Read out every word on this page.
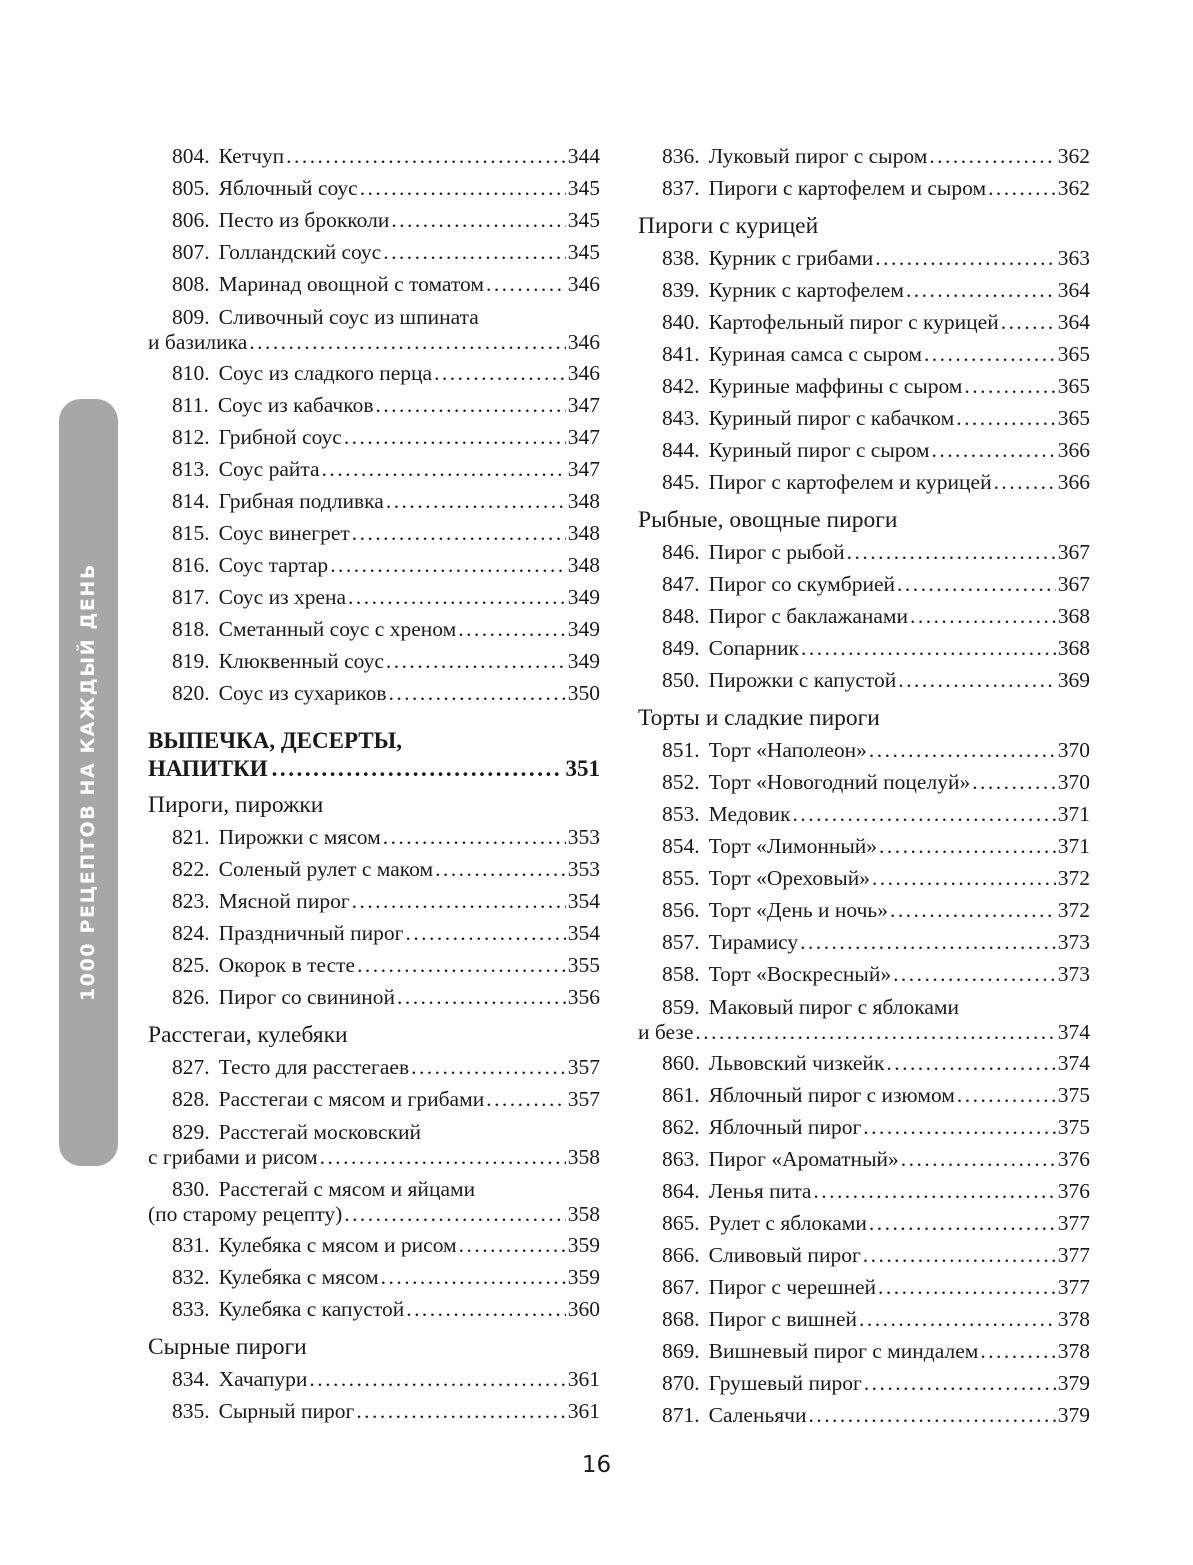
1000 РЕЦЕПТОВ НА КАЖДЫЙ ДЕНЬ
804. Кетчуп . . .	344
805. Яблочный соус . . .	345
806. Песто из брокколи . . .	345
807. Голландский соус . . .	345
808. Маринад овощной с томатом . . .	346
809. Сливочный соус из шпината
и базилика . . .	346
810. Соус из сладкого перца . . .	346
811. Соус из кабачков . . .	347
812. Грибной соус . . .	347
813. Соус райта . . .	347
814. Грибная подливка . . .	348
815. Соус винегрет . . .	348
816. Соус тартар . . .	348
817. Соус из хрена . . .	349
818. Сметанный соус с хреном . . .	349
819. Клюквенный соус . . .	349
820. Соус из сухариков . . .	350
ВЫПЕЧКА, ДЕСЕРТЫ,
НАПИТКИ . . .	351
Пироги, пирожки
821. Пирожки с мясом . . .	353
822. Соленый рулет с маком . . .	353
823. Мясной пирог . . .	354
824. Праздничный пирог . . .	354
825. Окорок в тесте . . .	355
826. Пирог со свининой . . .	356
Расстегаи, кулебяки
827. Тесто для расстегаев . . .	357
828. Расстегаи с мясом и грибами . . .	357
829. Расстегай московский
с грибами и рисом . . .	358
830. Расстегай с мясом и яйцами
(по старому рецепту) . . .	358
831. Кулебяка с мясом и рисом . . .	359
832. Кулебяка с мясом . . .	359
833. Кулебяка с капустой . . .	360
Сырные пироги
834. Хачапури . . .	361
835. Сырный пирог . . .	361
836. Луковый пирог с сыром . . .	362
837. Пироги с картофелем и сыром . . .	362
Пироги с курицей
838. Курник с грибами . . .	363
839. Курник с картофелем . . .	364
840. Картофельный пирог с курицей . . .	364
841. Куриная самса с сыром . . .	365
842. Куриные маффины с сыром . . .	365
843. Куриный пирог с кабачком . . .	365
844. Куриный пирог с сыром . . .	366
845. Пирог с картофелем и курицей . . .	366
Рыбные, овощные пироги
846. Пирог с рыбой . . .	367
847. Пирог со скумбрией . . .	367
848. Пирог с баклажанами . . .	368
849. Сопарник . . .	368
850. Пирожки с капустой . . .	369
Торты и сладкие пироги
851. Торт «Наполеон» . . .	370
852. Торт «Новогодний поцелуй» . . .	370
853. Медовик . . .	371
854. Торт «Лимонный» . . .	371
855. Торт «Ореховый» . . .	372
856. Торт «День и ночь» . . .	372
857. Тирамису . . .	373
858. Торт «Воскресный» . . .	373
859. Маковый пирог с яблоками
и безе . . .	374
860. Львовский чизкейк . . .	374
861. Яблочный пирог с изюмом . . .	375
862. Яблочный пирог . . .	375
863. Пирог «Ароматный» . . .	376
864. Ленья пита . . .	376
865. Рулет с яблоками . . .	377
866. Сливовый пирог . . .	377
867. Пирог с черешней . . .	377
868. Пирог с вишней . . .	378
869. Вишневый пирог с миндалем . . .	378
870. Грушевый пирог . . .	379
871. Саленьячи . . .	379
16
